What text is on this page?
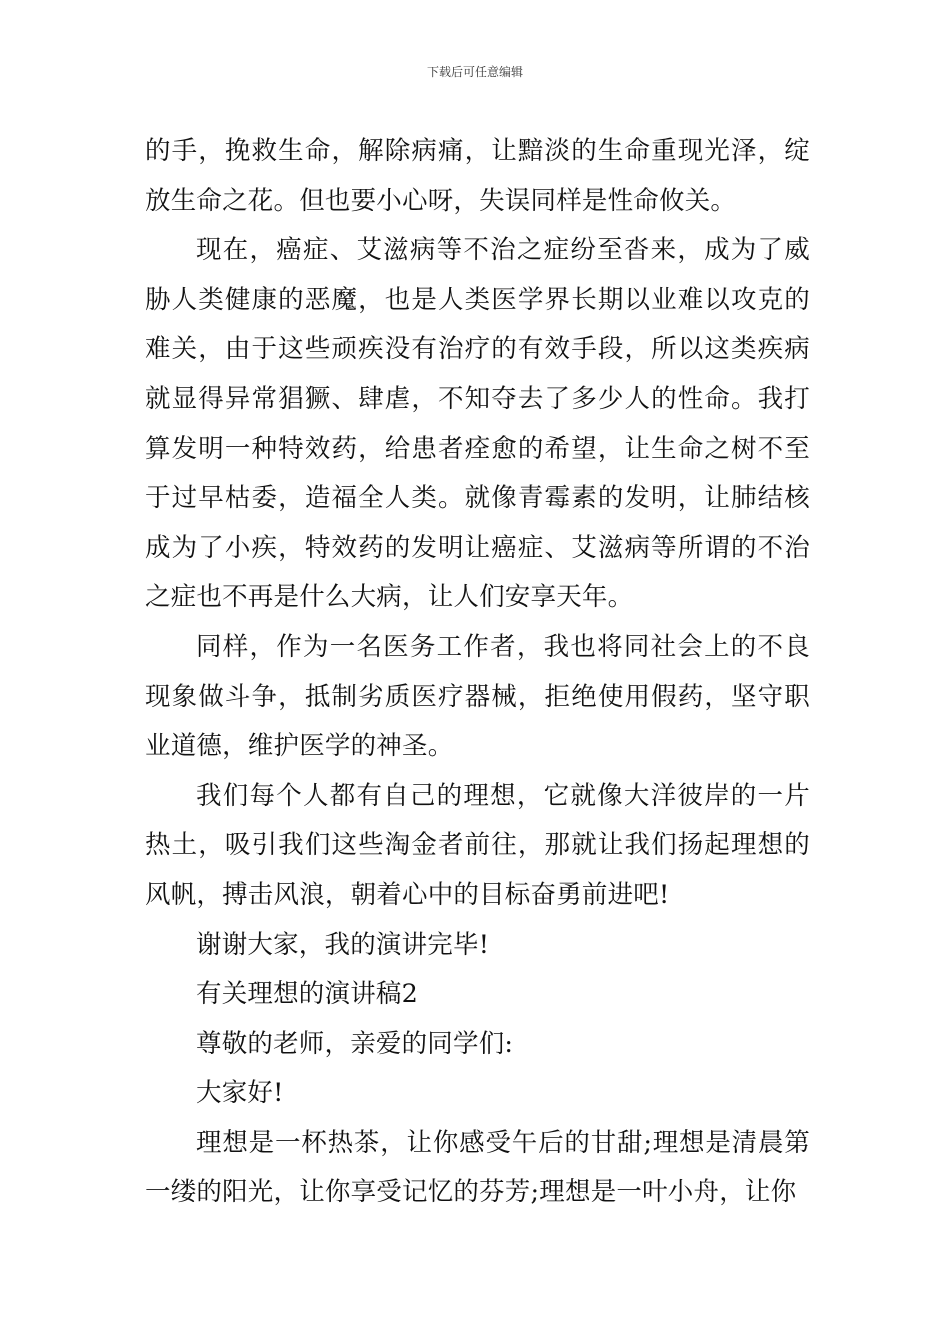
下载后可任意编辑

的手，挽救生命，解除病痛，让黯淡的生命重现光泽，绽放生命之花。但也要小心呀，失误同样是性命攸关。

现在，癌症、艾滋病等不治之症纷至沓来，成为了威胁人类健康的恶魔，也是人类医学界长期以业难以攻克的难关，由于这些顽疾没有治疗的有效手段，所以这类疾病就显得异常猖獗、肆虐，不知夺去了多少人的性命。我打算发明一种特效药，给患者痊愈的希望，让生命之树不至于过早枯委，造福全人类。就像青霉素的发明，让肺结核成为了小疾，特效药的发明让癌症、艾滋病等所谓的不治之症也不再是什么大病，让人们安享天年。

同样，作为一名医务工作者，我也将同社会上的不良现象做斗争，抵制劣质医疗器械，拒绝使用假药，坚守职业道德，维护医学的神圣。

我们每个人都有自己的理想，它就像大洋彼岸的一片热土，吸引我们这些淘金者前往，那就让我们扬起理想的风帆，搏击风浪，朝着心中的目标奋勇前进吧!

谢谢大家，我的演讲完毕!

有关理想的演讲稿2

尊敬的老师，亲爱的同学们:

大家好!

理想是一杯热茶，让你感受午后的甘甜;理想是清晨第一缕的阳光，让你享受记忆的芬芳;理想是一叶小舟，让你
